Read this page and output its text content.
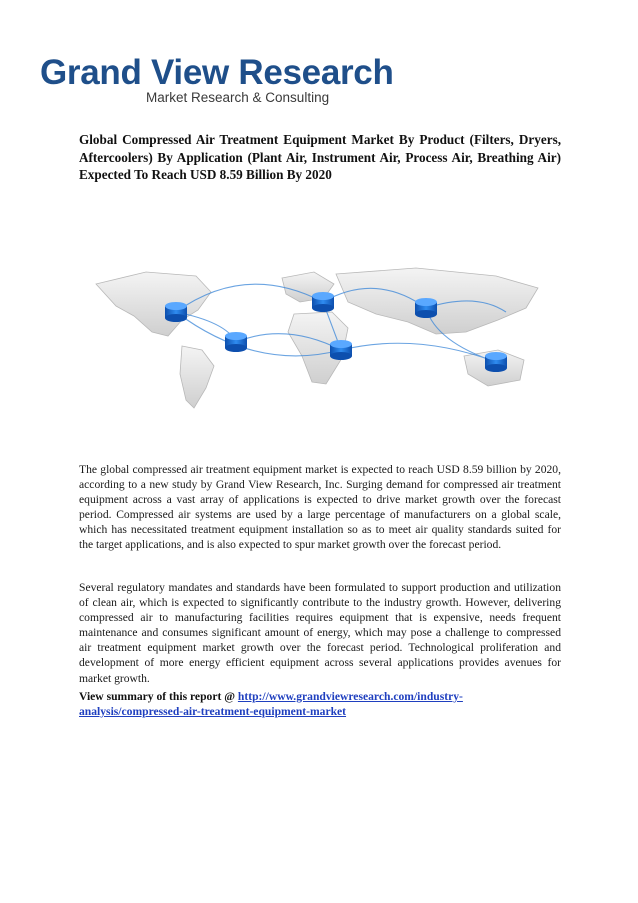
Grand View Research
Market Research & Consulting
Global Compressed Air Treatment Equipment Market By Product (Filters, Dryers, Aftercoolers) By Application (Plant Air, Instrument Air, Process Air, Breathing Air) Expected To Reach USD 8.59 Billion By 2020

The global compressed air treatment equipment market is expected to reach USD 8.59 billion by 2020, according to a new study by Grand View Research, Inc. Surging demand for compressed air treatment equipment across a vast array of applications is expected to drive market growth over the forecast period. Compressed air systems are used by a large percentage of manufacturers on a global scale, which has necessitated treatment equipment installation so as to meet air quality standards suited for the target applications, and is also expected to spur market growth over the forecast period.

Several regulatory mandates and standards have been formulated to support production and utilization of clean air, which is expected to significantly contribute to the industry growth. However, delivering compressed air to manufacturing facilities requires equipment that is expensive, needs frequent maintenance and consumes significant amount of energy, which may pose a challenge to compressed air treatment equipment market growth over the forecast period. Technological proliferation and development of more energy efficient equipment across several applications provides avenues for market growth.

View summary of this report @ http://www.grandviewresearch.com/industry-analysis/compressed-air-treatment-equipment-market
